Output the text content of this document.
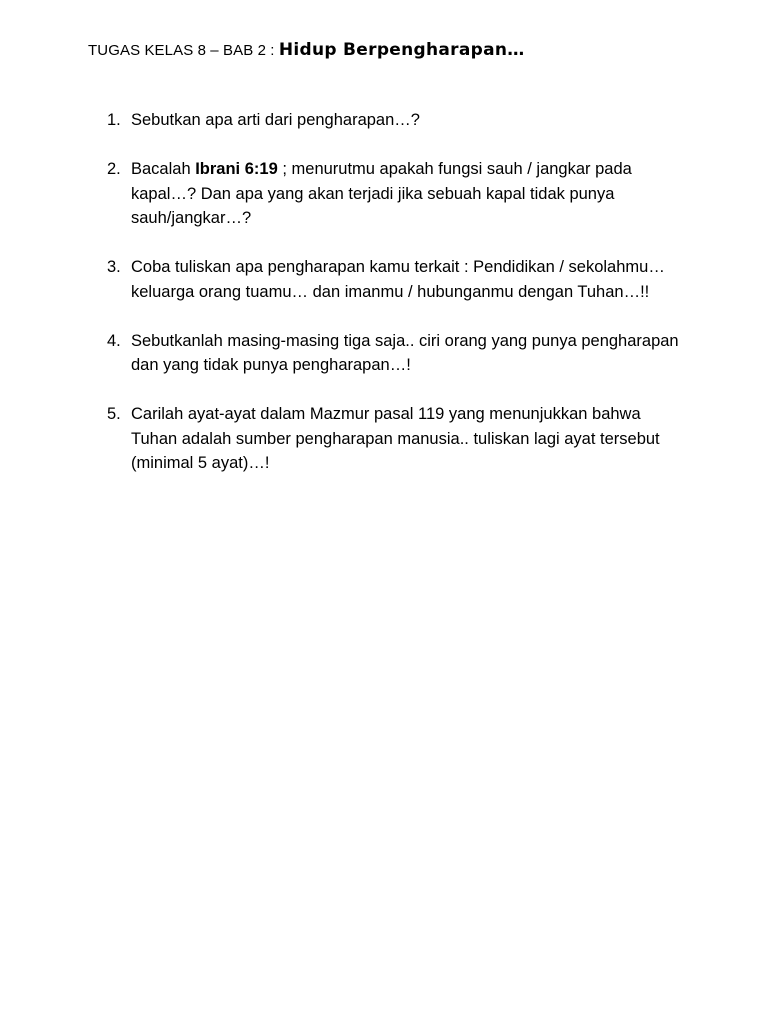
TUGAS KELAS 8 – BAB 2 : Hidup Berpengharapan…
1. Sebutkan apa arti dari pengharapan…?
2. Bacalah Ibrani 6:19 ; menurutmu apakah fungsi sauh / jangkar pada kapal…? Dan apa yang akan terjadi jika sebuah kapal tidak punya sauh/jangkar…?
3. Coba tuliskan apa pengharapan kamu terkait : Pendidikan / sekolahmu… keluarga orang tuamu… dan imanmu / hubunganmu dengan Tuhan…!!
4. Sebutkanlah masing-masing tiga saja.. ciri orang yang punya pengharapan dan yang tidak punya pengharapan…!
5. Carilah ayat-ayat dalam Mazmur pasal 119 yang menunjukkan bahwa Tuhan adalah sumber pengharapan manusia.. tuliskan lagi ayat tersebut (minimal 5 ayat)…!
